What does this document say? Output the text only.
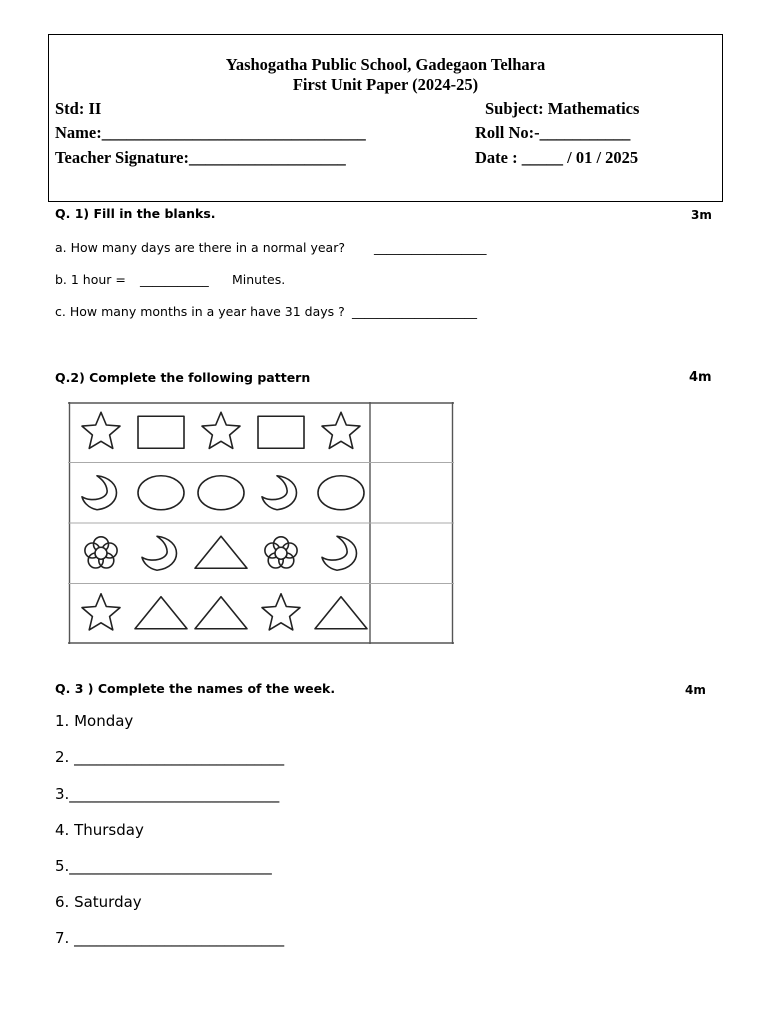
Yashogatha Public School, Gadegaon Telhara
First Unit Paper (2024-25)
Std: II	Subject: Mathematics
Name:________________________________	Roll No:-___________
Teacher Signature:___________________	Date : _____ / 01 / 2025
Q. 1) Fill in the blanks.	3m
a. How many days are there in a normal year? __________________
b. 1 hour = ___________ Minutes.
c. How many months in a year have 31 days ? ____________________
Q.2) Complete the following pattern	4m
Q. 3 ) Complete the names of the week.	4m
1. Monday
2. ____________________________
3.____________________________
4. Thursday
5.___________________________
6. Saturday
7. ____________________________
